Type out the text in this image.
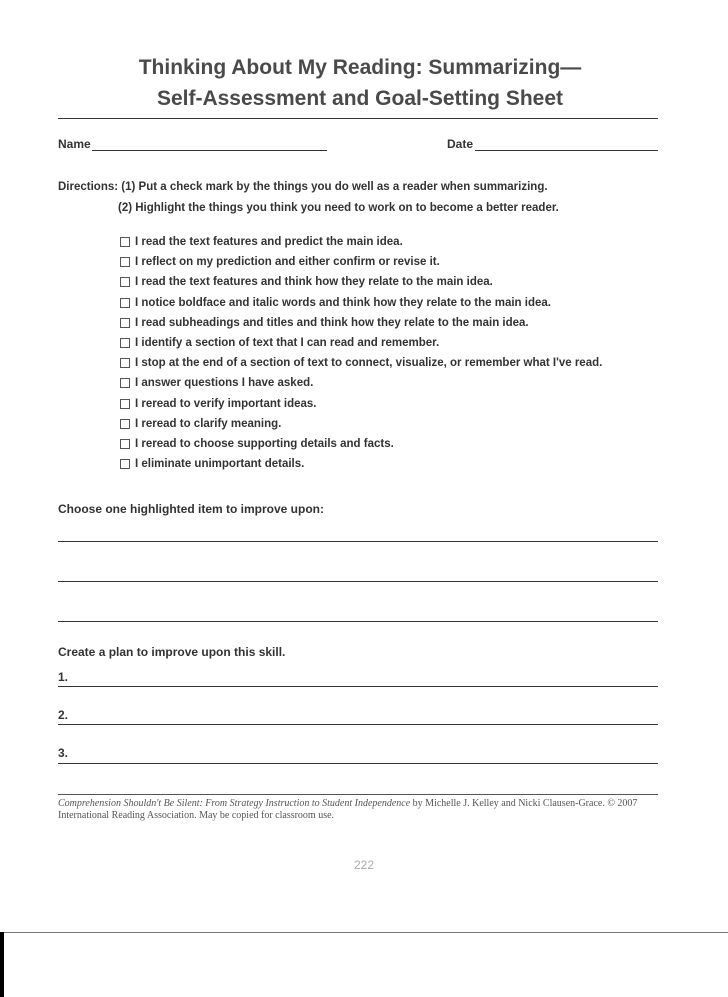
Thinking About My Reading: Summarizing—
Self-Assessment and Goal-Setting Sheet
Name	Date
Directions: (1) Put a check mark by the things you do well as a reader when summarizing.
(2) Highlight the things you think you need to work on to become a better reader.
I read the text features and predict the main idea.
I reflect on my prediction and either confirm or revise it.
I read the text features and think how they relate to the main idea.
I notice boldface and italic words and think how they relate to the main idea.
I read subheadings and titles and think how they relate to the main idea.
I identify a section of text that I can read and remember.
I stop at the end of a section of text to connect, visualize, or remember what I've read.
I answer questions I have asked.
I reread to verify important ideas.
I reread to clarify meaning.
I reread to choose supporting details and facts.
I eliminate unimportant details.
Choose one highlighted item to improve upon:
Create a plan to improve upon this skill.
1.
2.
3.
Comprehension Shouldn't Be Silent: From Strategy Instruction to Student Independence by Michelle J. Kelley and Nicki Clausen-Grace. © 2007
International Reading Association. May be copied for classroom use.
222
